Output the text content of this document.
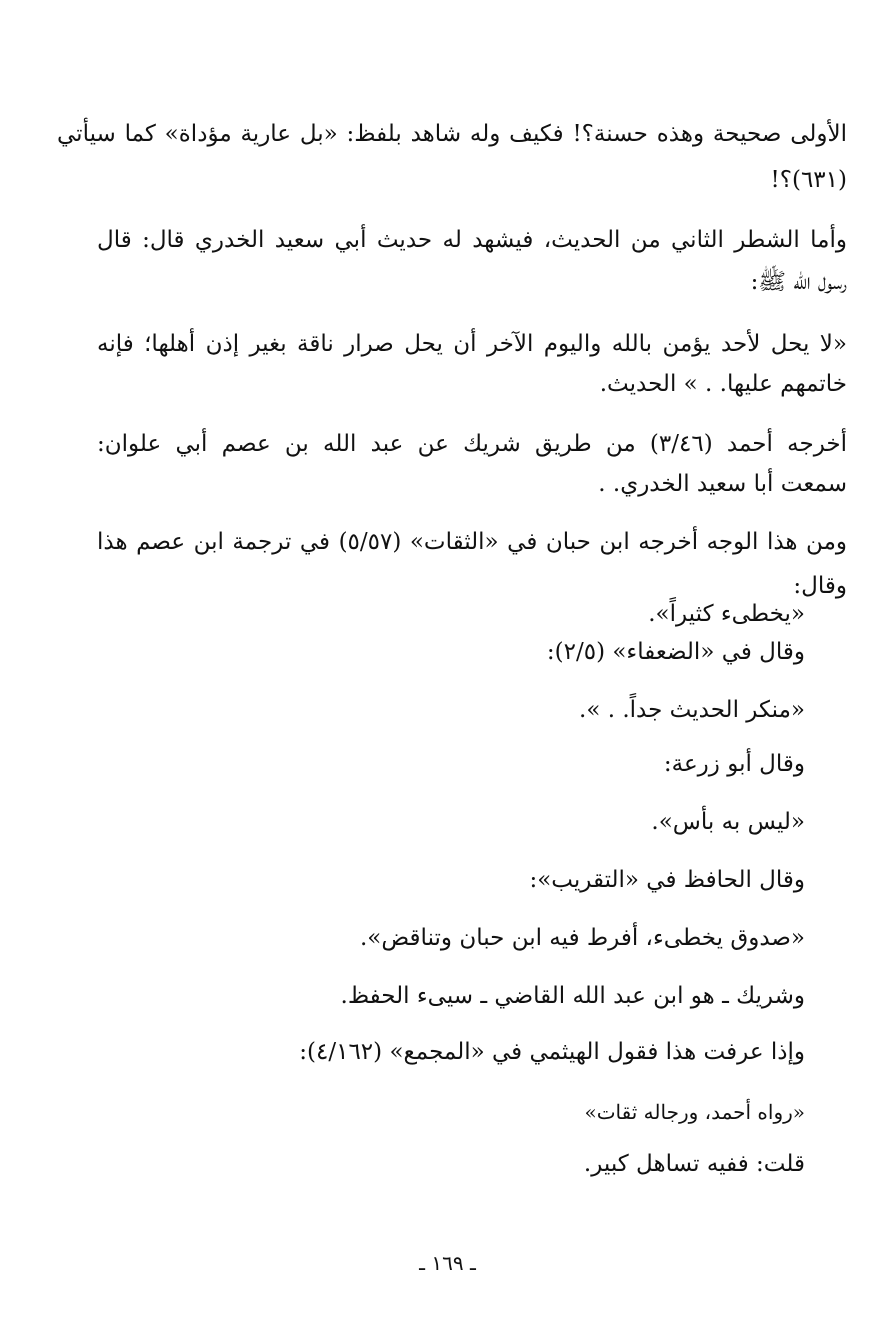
الأولى صحيحة وهذه حسنة؟! فكيف وله شاهد بلفظ: «بل عارية مؤداة» كما سيأتي
(٦٣١)؟!
وأما الشطر الثاني من الحديث، فيشهد له حديث أبي سعيد الخدري قال: قال
رسول الله ﷺ:
«لا يحل لأحد يؤمن بالله واليوم الآخر أن يحل صرار ناقة بغير إذن أهلها؛ فإنه
خاتمهم عليها. . » الحديث.
أخرجه أحمد (٣/٤٦) من طريق شريك عن عبد الله بن عصم أبي علوان:
سمعت أبا سعيد الخدري. .
ومن هذا الوجه أخرجه ابن حبان في «الثقات» (٥/٥٧) في ترجمة ابن عصم هذا
وقال:
«يخطىء كثيراً».
وقال في «الضعفاء» (٢/٥):
«منكر الحديث جداً. . ».
وقال أبو زرعة:
«ليس به بأس».
وقال الحافظ في «التقريب»:
«صدوق يخطىء، أفرط فيه ابن حبان وتناقض».
وشريك ـ هو ابن عبد الله القاضي ـ سيىء الحفظ.
وإذا عرفت هذا فقول الهيثمي في «المجمع» (٤/١٦٢):
«رواه أحمد، ورجاله ثقات»
قلت: ففيه تساهل كبير.
ـ ١٦٩ ـ
